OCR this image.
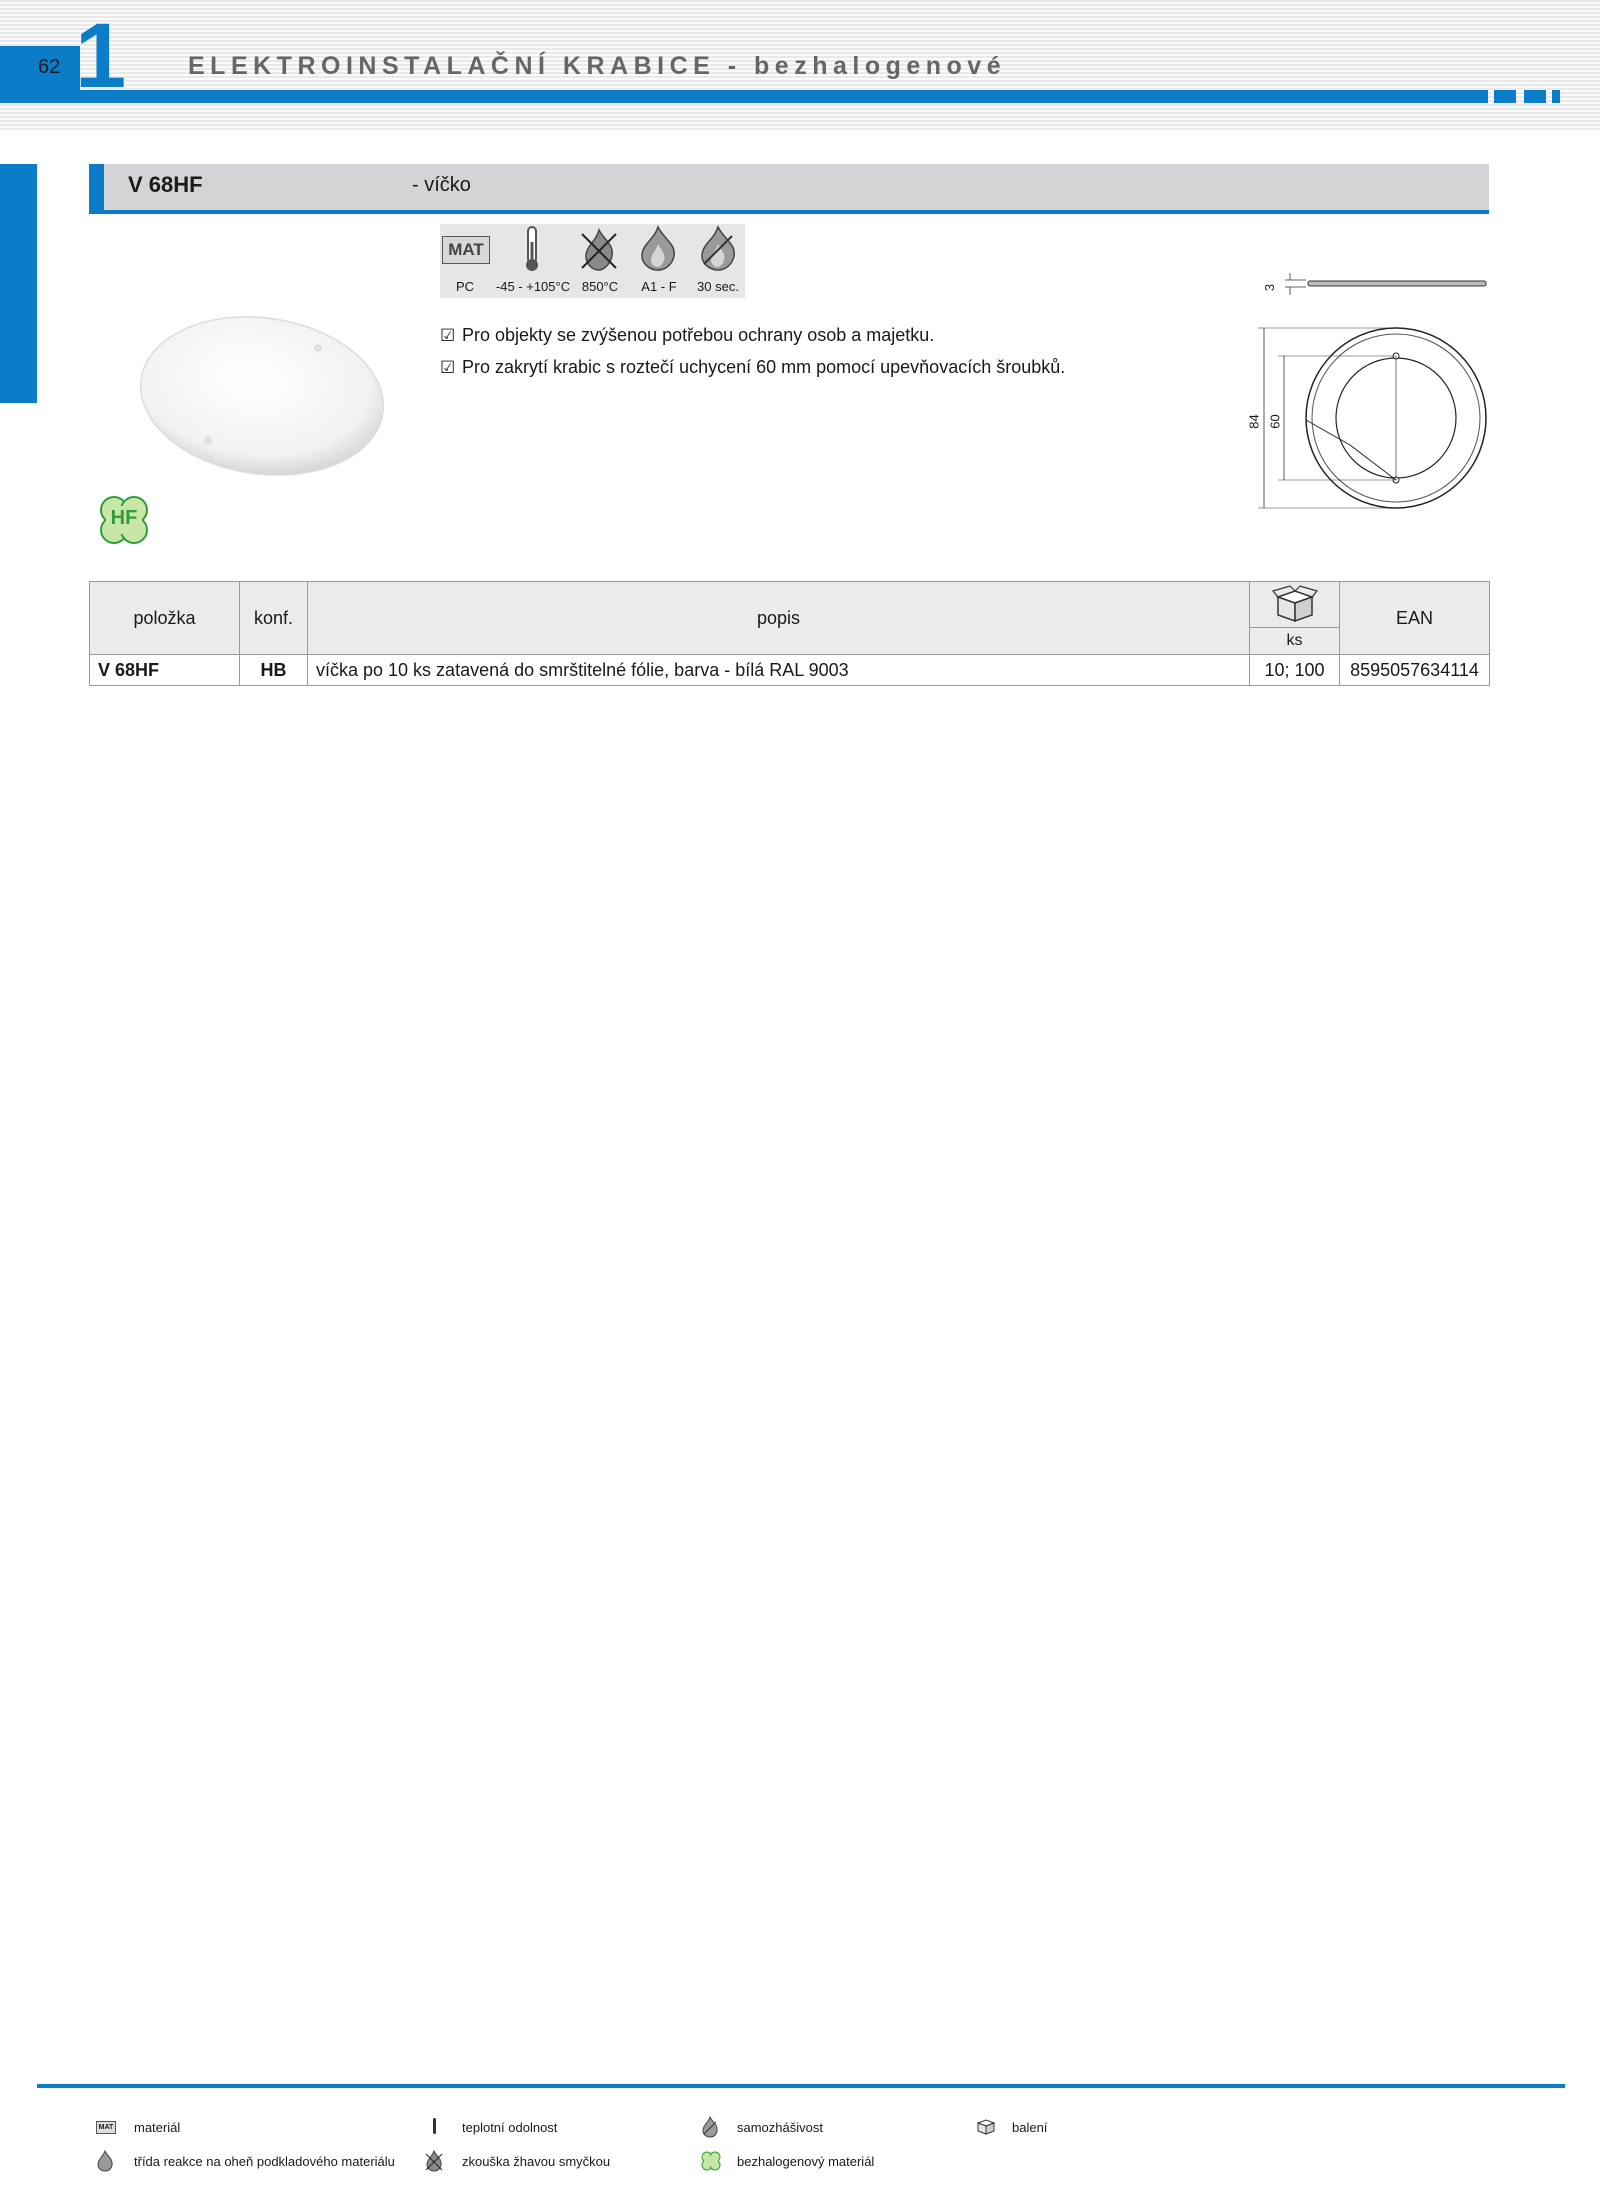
62 1 ELEKTROINSTALAČNÍ KRABICE - bezhalogenové
V 68HF	- víčko
HF
MAT
PC	-45 - +105°C 850°C	A1 - F	30 sec.
☑ Pro objekty se zvýšenou potřebou ochrany osob a majetku.
☑ Pro zakrytí krabic s roztečí uchycení 60 mm pomocí upevňovacích šroubků.
3
84 60
položka	konf.	popis		EAN
			ks	
V 68HF	HB	víčka po 10 ks zatavená do smrštitelné fólie, barva - bílá RAL 9003	10; 100	8595057634114
MAT materiál	teplotní odolnost	samozhášivost	balení
třída reakce na oheň podkladového materiálu	zkouška žhavou smyčkou	bezhalogenový materiál
